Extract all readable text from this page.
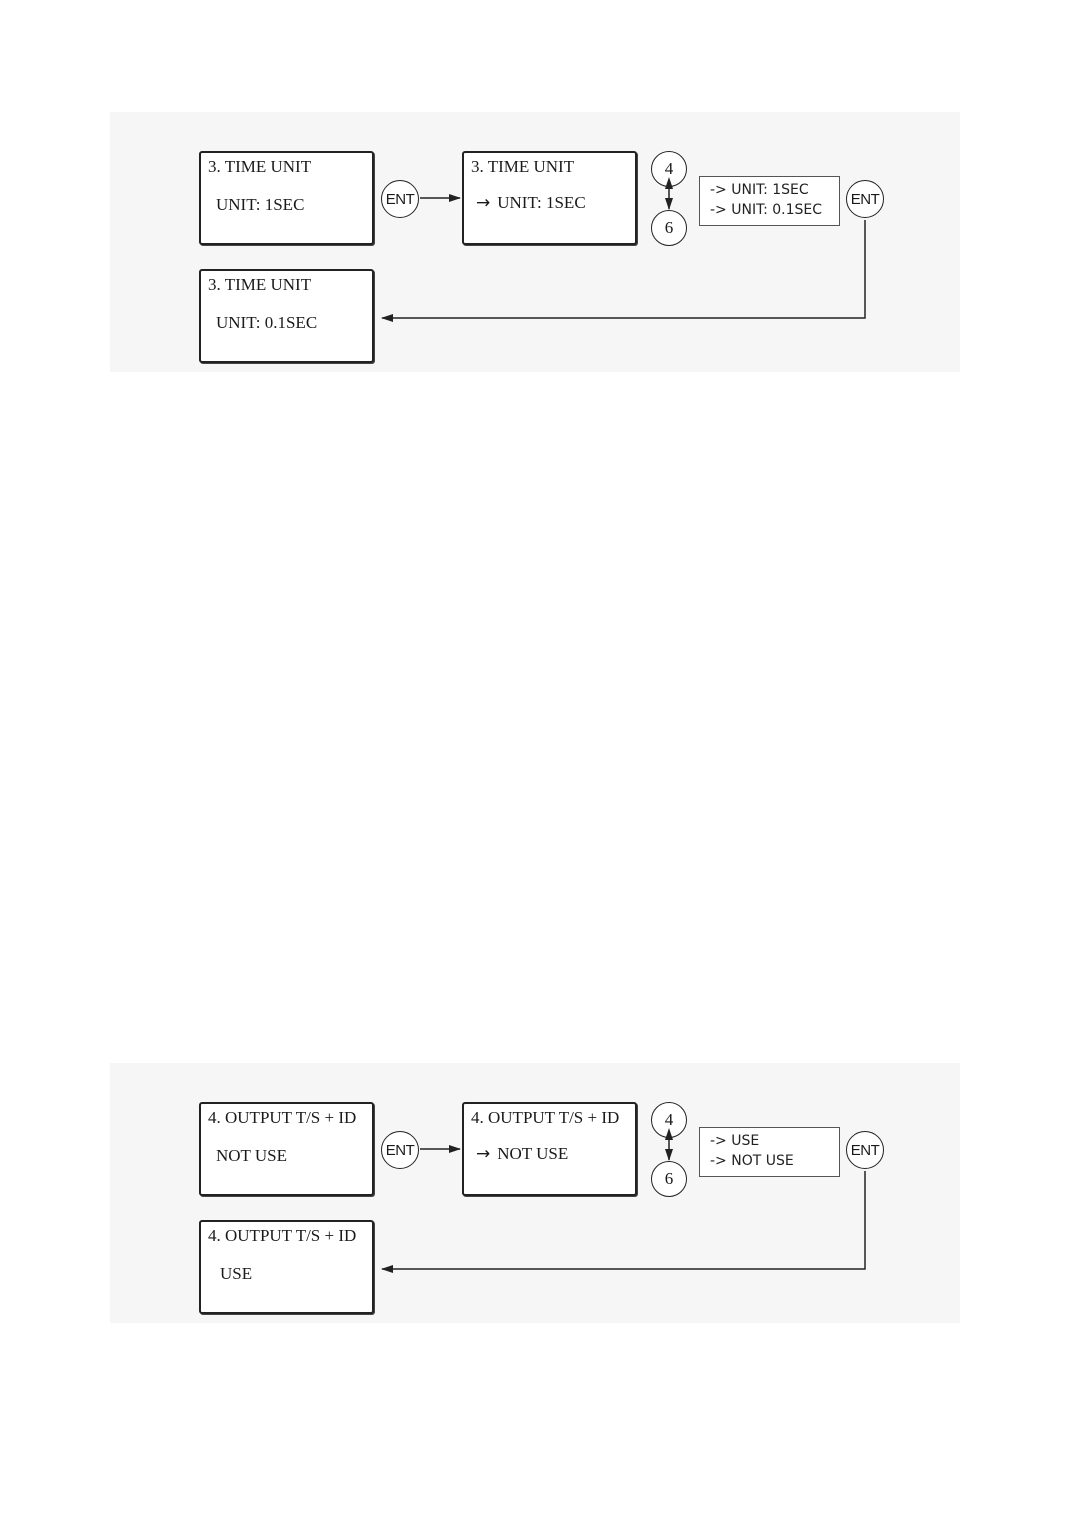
3. TIME UNIT
UNIT: 1SEC	ENT
3. TIME UNIT
→ UNIT: 1SEC
4
6
-> UNIT: 1SEC
-> UNIT: 0.1SEC
ENT
3. TIME UNIT
UNIT: 0.1SEC
4. OUTPUT T/S + ID
NOT USE	ENT
4. OUTPUT T/S + ID
→ NOT USE
4
6
-> USE
-> NOT USE
ENT
4. OUTPUT T/S + ID
USE
